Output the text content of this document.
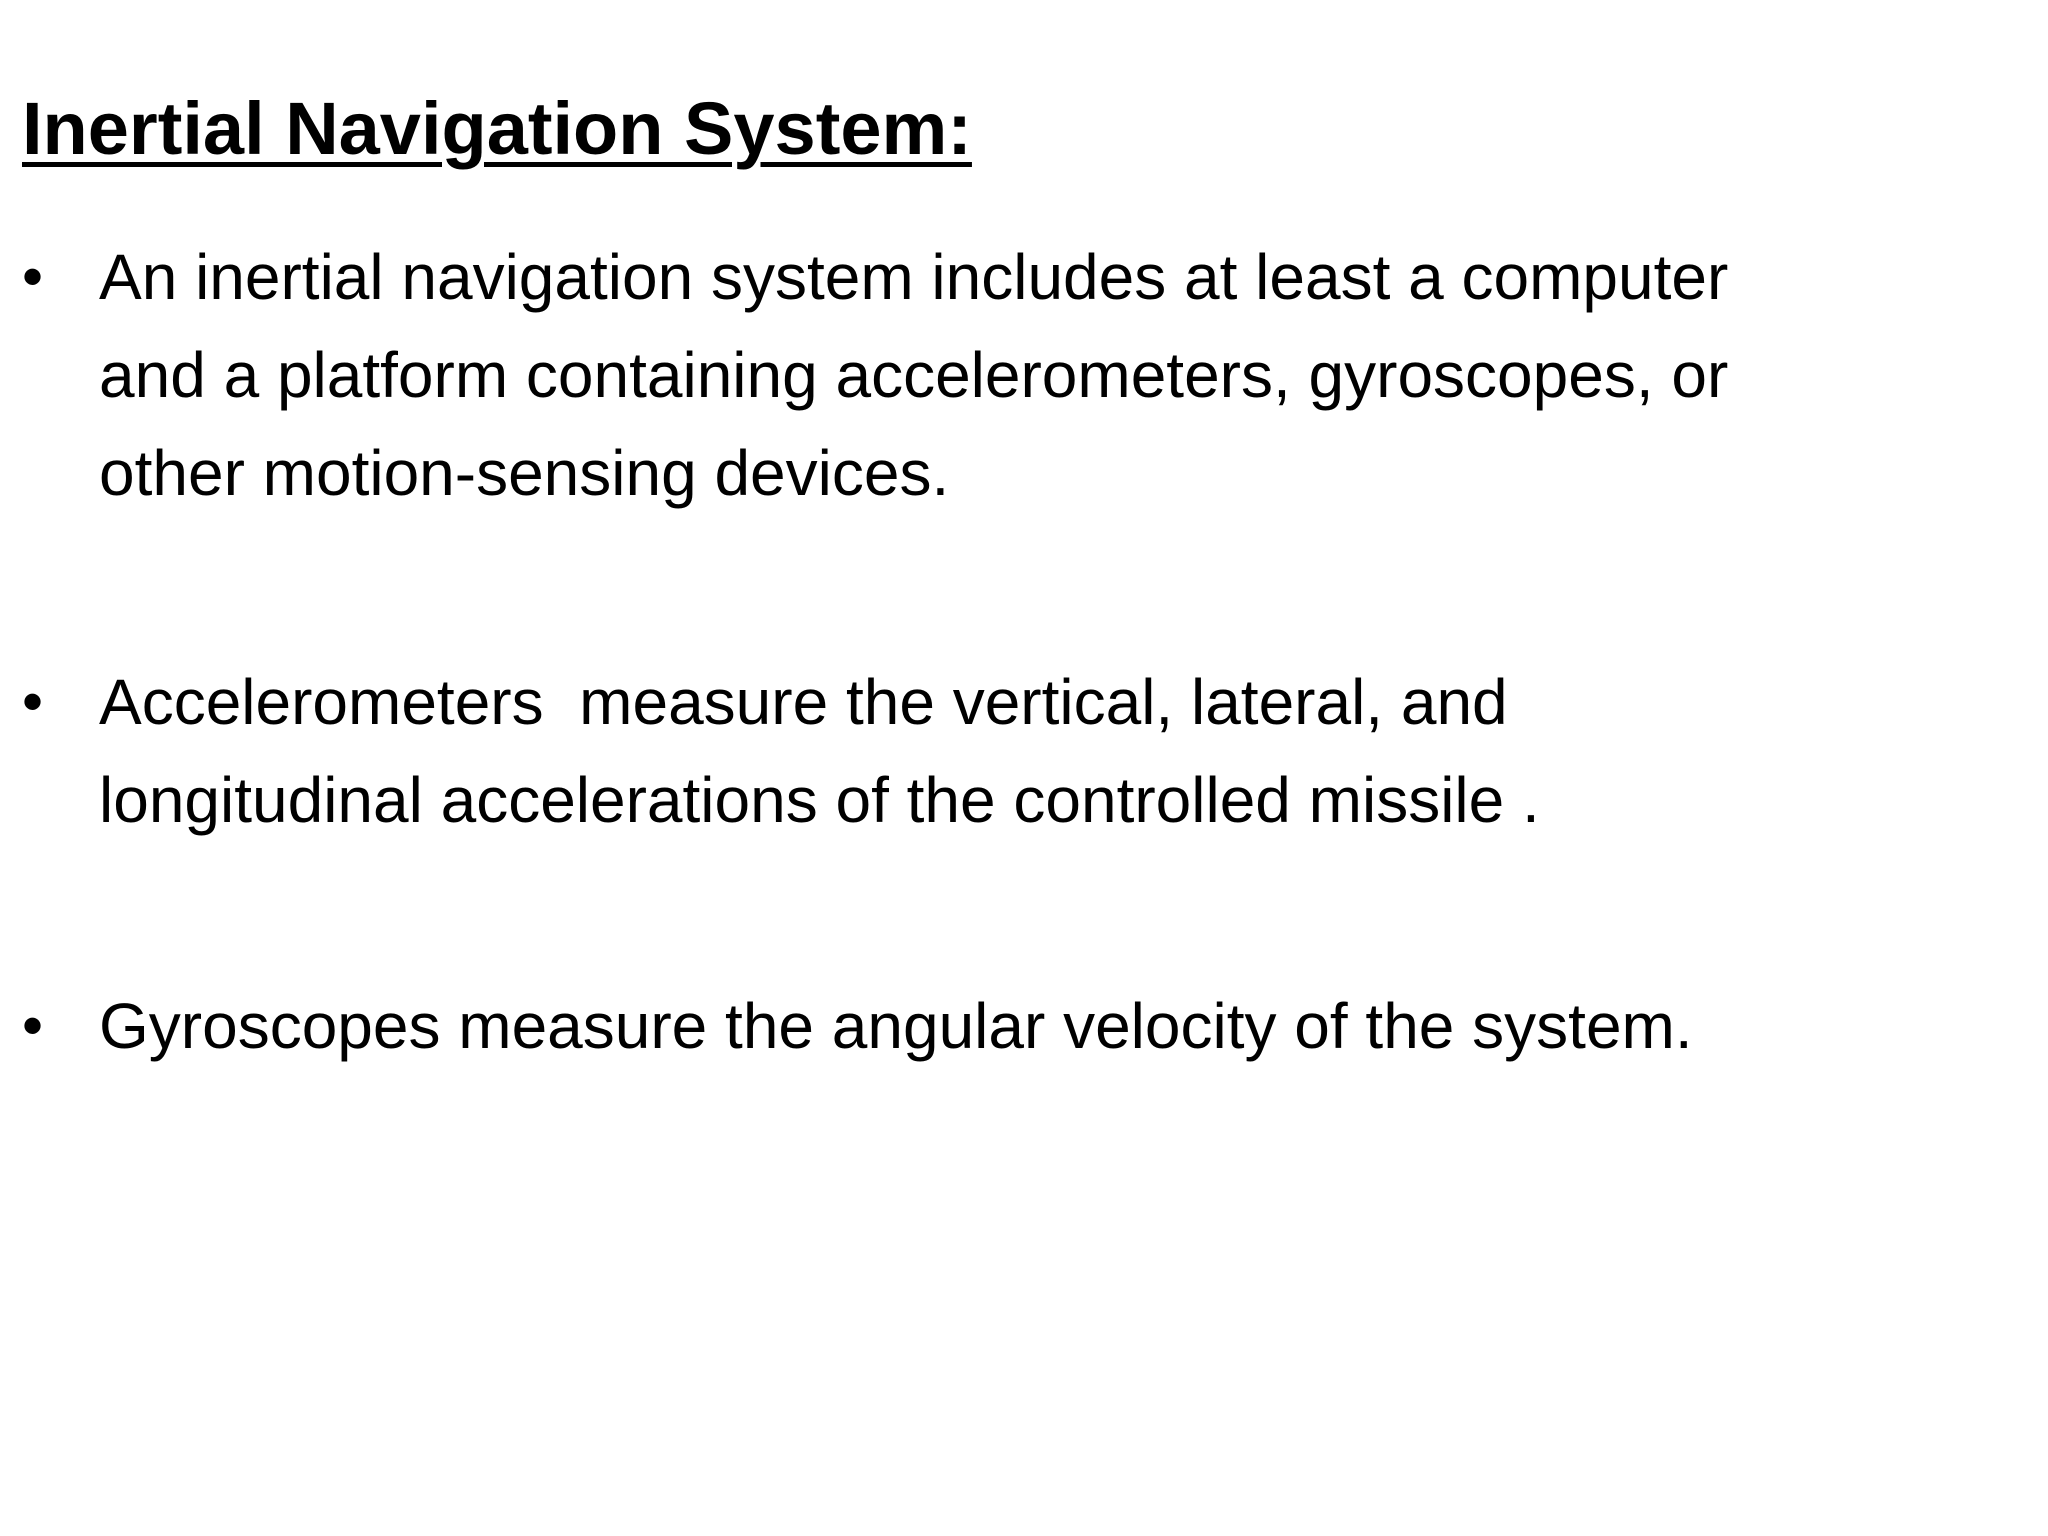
Inertial Navigation System:
• An inertial navigation system includes at least a computer
and a platform containing accelerometers, gyroscopes, or
other motion-sensing devices.
• Accelerometers  measure the vertical, lateral, and
longitudinal accelerations of the controlled missile .
• Gyroscopes measure the angular velocity of the system.
